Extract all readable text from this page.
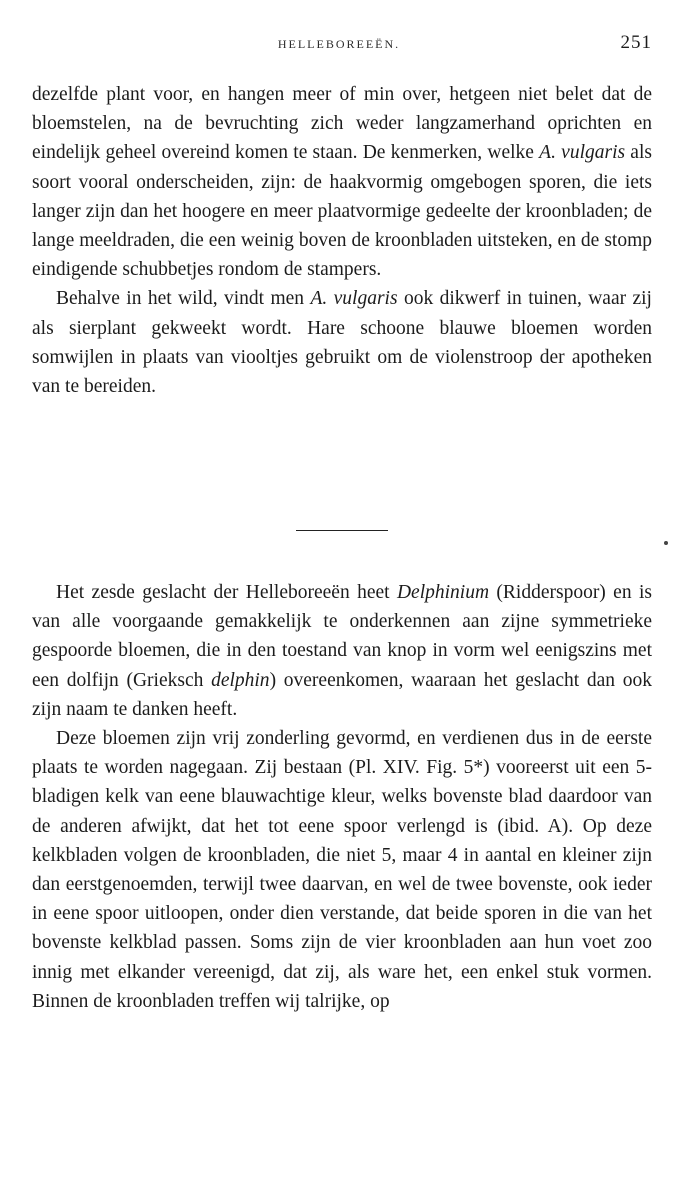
HELLEBOREEËN.	251

dezelfde plant voor, en hangen meer of min over, hetgeen niet belet dat de bloemstelen, na de bevruchting zich weder langzamerhand oprichten en eindelijk geheel overeind komen te staan. De kenmerken, welke A. vulgaris als soort vooral onderscheiden, zijn: de haakvormig omgebogen sporen, die iets langer zijn dan het hoogere en meer plaatvormige gedeelte der kroonbladen; de lange meeldraden, die een weinig boven de kroonbladen uitsteken, en de stomp eindigende schubbetjes rondom de stampers.

Behalve in het wild, vindt men A. vulgaris ook dikwerf in tuinen, waar zij als sierplant gekweekt wordt. Hare schoone blauwe bloemen worden somwijlen in plaats van viooltjes gebruikt om de violenstroop der apotheken van te bereiden.

Het zesde geslacht der Helleboreeën heet Delphinium (Ridderspoor) en is van alle voorgaande gemakkelijk te onderkennen aan zijne symmetrieke gespoorde bloemen, die in den toestand van knop in vorm wel eenigszins met een dolfijn (Grieksch delphin) overeenkomen, waaraan het geslacht dan ook zijn naam te danken heeft.

Deze bloemen zijn vrij zonderling gevormd, en verdienen dus in de eerste plaats te worden nagegaan. Zij bestaan (Pl. XIV. Fig. 5*) vooreerst uit een 5-bladigen kelk van eene blauwachtige kleur, welks bovenste blad daardoor van de anderen afwijkt, dat het tot eene spoor verlengd is (ibid. A). Op deze kelkbladen volgen de kroonbladen, die niet 5, maar 4 in aantal en kleiner zijn dan eerstgenoemden, terwijl twee daarvan, en wel de twee bovenste, ook ieder in eene spoor uitloopen, onder dien verstande, dat beide sporen in die van het bovenste kelkblad passen. Soms zijn de vier kroonbladen aan hun voet zoo innig met elkander vereenigd, dat zij, als ware het, een enkel stuk vormen. Binnen de kroonbladen treffen wij talrijke, op
